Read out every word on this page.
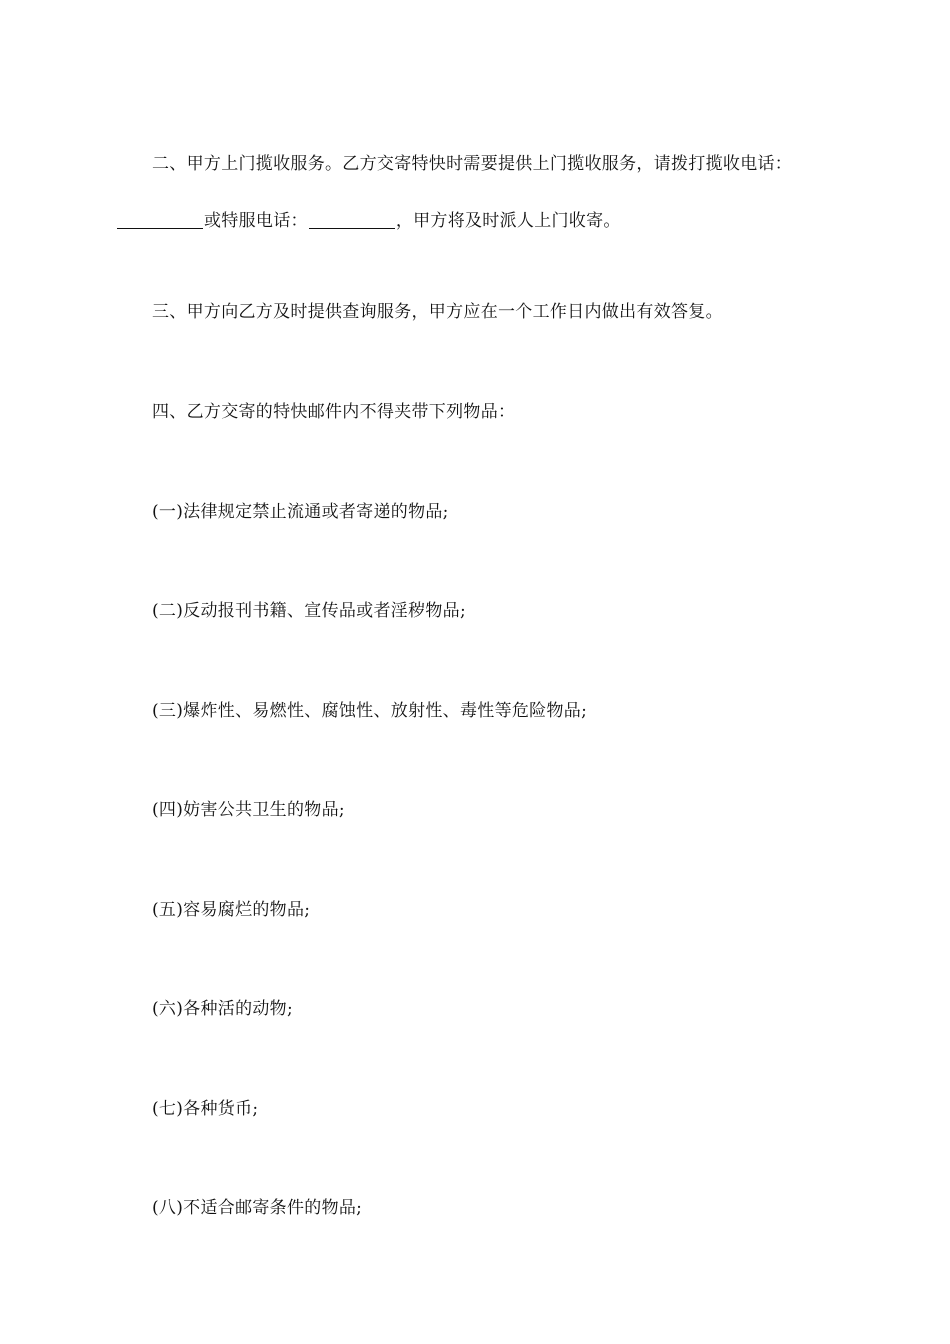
二、甲方上门揽收服务。乙方交寄特快时需要提供上门揽收服务，请拨打揽收电话：或特服电话：	，甲方将及时派人上门收寄。

三、甲方向乙方及时提供查询服务，甲方应在一个工作日内做出有效答复。

四、乙方交寄的特快邮件内不得夹带下列物品：

(一)法律规定禁止流通或者寄递的物品;

(二)反动报刊书籍、宣传品或者淫秽物品;

(三)爆炸性、易燃性、腐蚀性、放射性、毒性等危险物品;

(四)妨害公共卫生的物品;

(五)容易腐烂的物品;

(六)各种活的动物;

(七)各种货币;

(八)不适合邮寄条件的物品;
